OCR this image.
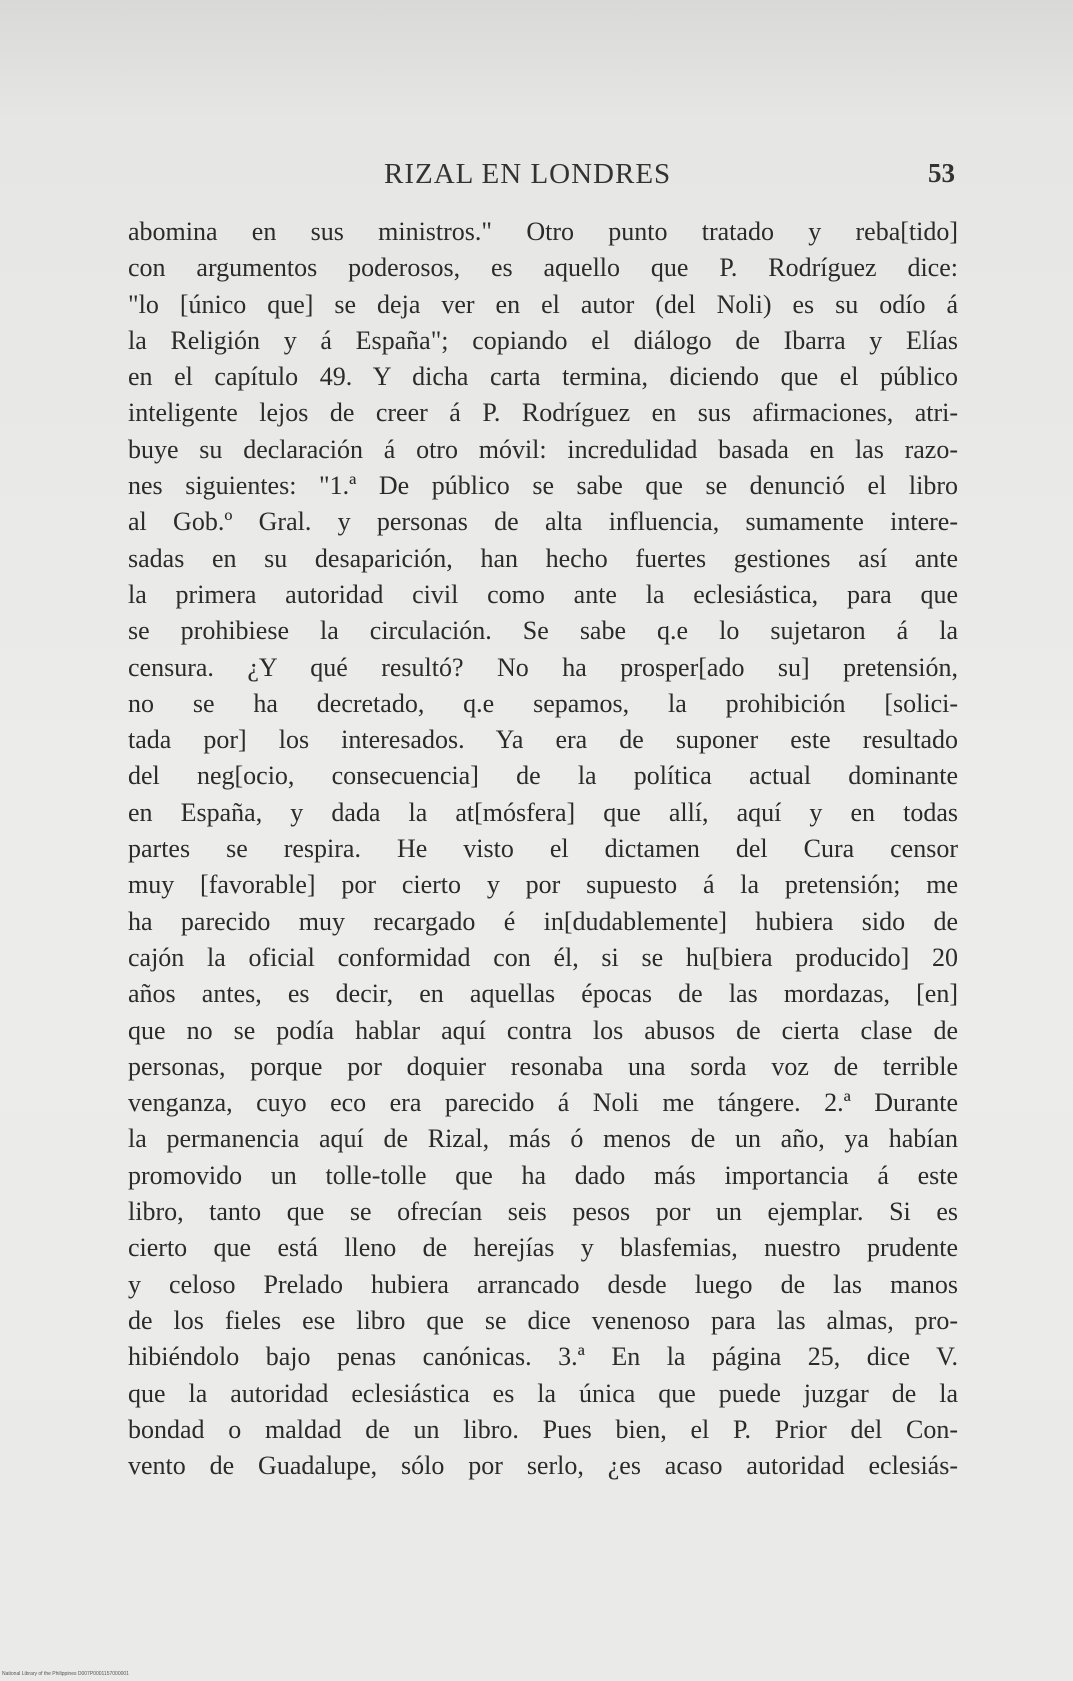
RIZAL EN LONDRES	53
abomina en sus ministros." Otro punto tratado y reba[tido]
con argumentos poderosos, es aquello que P. Rodríguez dice:
"lo [único que] se deja ver en el autor (del Noli) es su odío á
la Religión y á España"; copiando el diálogo de Ibarra y Elías
en el capítulo 49. Y dicha carta termina, diciendo que el público
inteligente lejos de creer á P. Rodríguez en sus afirmaciones, atri-
buye su declaración á otro móvil: incredulidad basada en las razo-
nes siguientes: "1.ª De público se sabe que se denunció el libro
al Gob.º Gral. y personas de alta influencia, sumamente intere-
sadas en su desaparición, han hecho fuertes gestiones así ante
la primera autoridad civil como ante la eclesiástica, para que
se prohibiese la circulación. Se sabe q.e lo sujetaron á la
censura. ¿Y qué resultó? No ha prosper[ado su] pretensión,
no se ha decretado, q.e sepamos, la prohibición [solici-
tada por] los interesados. Ya era de suponer este resultado
del neg[ocio, consecuencia] de la política actual dominante
en España, y dada la at[mósfera] que allí, aquí y en todas
partes se respira. He visto el dictamen del Cura censor
muy [favorable] por cierto y por supuesto á la pretensión; me
ha parecido muy recargado é in[dudablemente] hubiera sido de
cajón la oficial conformidad con él, si se hu[biera producido] 20
años antes, es decir, en aquellas épocas de las mordazas, [en]
que no se podía hablar aquí contra los abusos de cierta clase de
personas, porque por doquier resonaba una sorda voz de terrible
venganza, cuyo eco era parecido á Noli me tángere. 2.ª Durante
la permanencia aquí de Rizal, más ó menos de un año, ya habían
promovido un tolle-tolle que ha dado más importancia á este
libro, tanto que se ofrecían seis pesos por un ejemplar. Si es
cierto que está lleno de herejías y blasfemias, nuestro prudente
y celoso Prelado hubiera arrancado desde luego de las manos
de los fieles ese libro que se dice venenoso para las almas, pro-
hibiéndolo bajo penas canónicas. 3.ª En la página 25, dice V.
que la autoridad eclesiástica es la única que puede juzgar de la
bondad o maldad de un libro. Pues bien, el P. Prior del Con-
vento de Guadalupe, sólo por serlo, ¿es acaso autoridad eclesiás-
National Library of the Philippines D007P0001157000001
